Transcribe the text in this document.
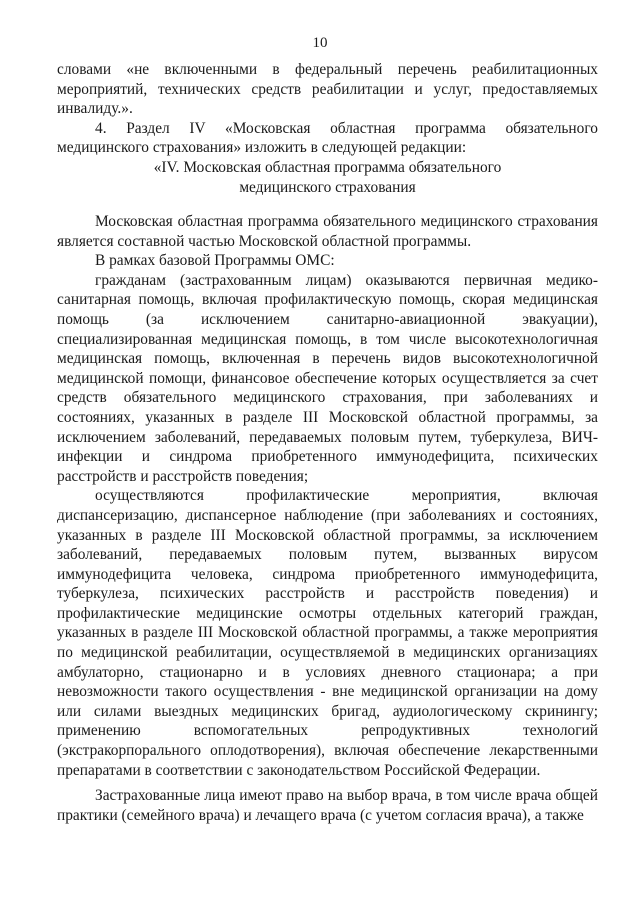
10

словами «не включенными в федеральный перечень реабилитационных мероприятий, технических средств реабилитации и услуг, предоставляемых инвалиду.».

4. Раздел IV «Московская областная программа обязательного медицинского страхования» изложить в следующей редакции:

«IV. Московская областная программа обязательного
медицинского страхования

Московская областная программа обязательного медицинского страхования является составной частью Московской областной программы.

В рамках базовой Программы ОМС:

гражданам (застрахованным лицам) оказываются первичная медико-санитарная помощь, включая профилактическую помощь, скорая медицинская помощь (за исключением санитарно-авиационной эвакуации), специализированная медицинская помощь, в том числе высокотехнологичная медицинская помощь, включенная в перечень видов высокотехнологичной медицинской помощи, финансовое обеспечение которых осуществляется за счет средств обязательного медицинского страхования, при заболеваниях и состояниях, указанных в разделе III Московской областной программы, за исключением заболеваний, передаваемых половым путем, туберкулеза, ВИЧ-инфекции и синдрома приобретенного иммунодефицита, психических расстройств и расстройств поведения;

осуществляются профилактические мероприятия, включая диспансеризацию, диспансерное наблюдение (при заболеваниях и состояниях, указанных в разделе III Московской областной программы, за исключением заболеваний, передаваемых половым путем, вызванных вирусом иммунодефицита человека, синдрома приобретенного иммунодефицита, туберкулеза, психических расстройств и расстройств поведения) и профилактические медицинские осмотры отдельных категорий граждан, указанных в разделе III Московской областной программы, а также мероприятия по медицинской реабилитации, осуществляемой в медицинских организациях амбулаторно, стационарно и в условиях дневного стационара; а при невозможности такого осуществления - вне медицинской организации на дому или силами выездных медицинских бригад, аудиологическому скринингу; применению вспомогательных репродуктивных технологий (экстракорпорального оплодотворения), включая обеспечение лекарственными препаратами в соответствии с законодательством Российской Федерации.

Застрахованные лица имеют право на выбор врача, в том числе врача общей практики (семейного врача) и лечащего врача (с учетом согласия врача), а также
